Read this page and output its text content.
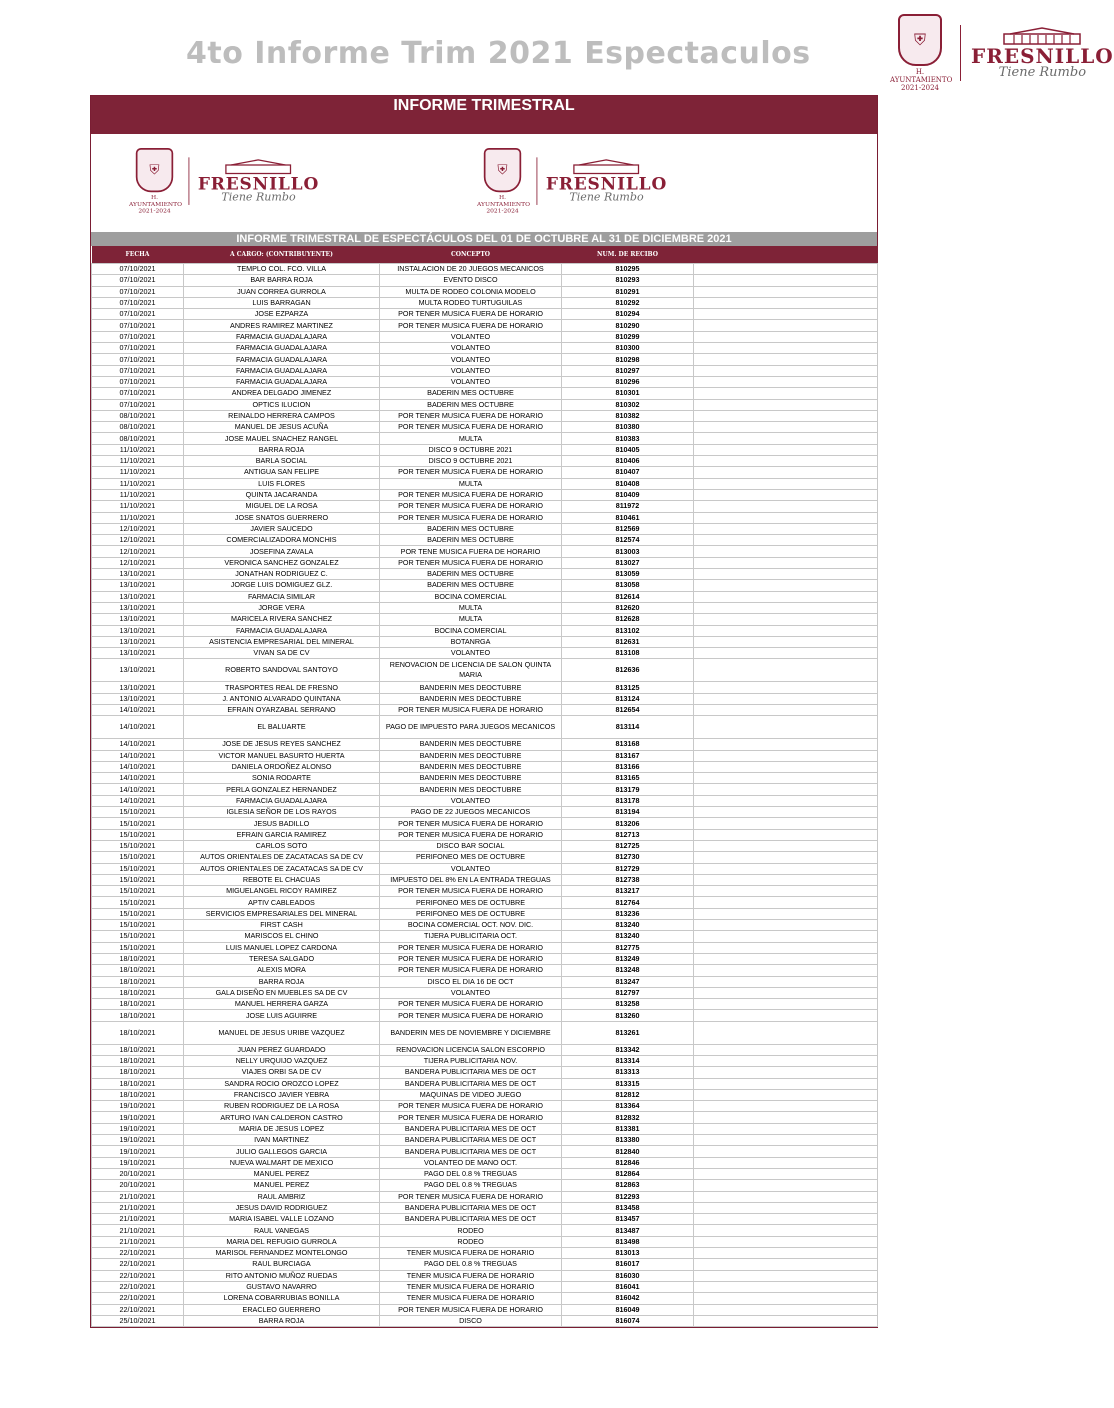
4to Informe Trim 2021 Espectaculos	⛨
H. AYUNTAMIENTO 2021-2024
FRESNILLO
Tiene Rumbo
INFORME TRIMESTRAL
⛨
H. AYUNTAMIENTO 2021-2024
FRESNILLO
Tiene Rumbo
⛨
H. AYUNTAMIENTO 2021-2024
FRESNILLO
Tiene Rumbo
INFORME TRIMESTRAL DE ESPECTÁCULOS DEL 01 DE OCTUBRE AL 31 DE DICIEMBRE 2021
FECHA	A CARGO: (CONTRIBUYENTE)	CONCEPTO	NUM. DE RECIBO	
07/10/2021	TEMPLO COL. FCO. VILLA	INSTALACION DE 20 JUEGOS MECANICOS	810295	
07/10/2021	BAR BARRA ROJA	EVENTO DISCO	810293	
07/10/2021	JUAN CORREA GURROLA	MULTA DE RODEO COLONIA MODELO	810291	
07/10/2021	LUIS BARRAGAN	MULTA RODEO TURTUGUILAS	810292	
07/10/2021	JOSE EZPARZA	POR TENER MUSICA FUERA DE HORARIO	810294	
07/10/2021	ANDRES RAMIREZ MARTINEZ	POR TENER MUSICA FUERA DE HORARIO	810290	
07/10/2021	FARMACIA GUADALAJARA	VOLANTEO	810299	
07/10/2021	FARMACIA GUADALAJARA	VOLANTEO	810300	
07/10/2021	FARMACIA GUADALAJARA	VOLANTEO	810298	
07/10/2021	FARMACIA GUADALAJARA	VOLANTEO	810297	
07/10/2021	FARMACIA GUADALAJARA	VOLANTEO	810296	
07/10/2021	ANDREA DELGADO JIMENEZ	BADERIN MES OCTUBRE	810301	
07/10/2021	OPTICS ILUCION	BADERIN MES OCTUBRE	810302	
08/10/2021	REINALDO HERRERA CAMPOS	POR TENER MUSICA FUERA DE HORARIO	810382	
08/10/2021	MANUEL DE JESUS ACUÑA	POR TENER MUSICA FUERA DE HORARIO	810380	
08/10/2021	JOSE MAUEL SNACHEZ RANGEL	MULTA	810383	
11/10/2021	BARRA ROJA	DISCO 9 OCTUBRE 2021	810405	
11/10/2021	BARLA SOCIAL	DISCO 9 OCTUBRE 2021	810406	
11/10/2021	ANTIGUA SAN FELIPE	POR TENER MUSICA FUERA DE HORARIO	810407	
11/10/2021	LUIS FLORES	MULTA	810408	
11/10/2021	QUINTA JACARANDA	POR TENER MUSICA FUERA DE HORARIO	810409	
11/10/2021	MIGUEL DE LA ROSA	POR TENER MUSICA FUERA DE HORARIO	811972	
11/10/2021	JOSE SNATOS GUERRERO	POR TENER MUSICA FUERA DE HORARIO	810461	
12/10/2021	JAVIER SAUCEDO	BADERIN MES OCTUBRE	812569	
12/10/2021	COMERCIALIZADORA MONCHIS	BADERIN MES OCTUBRE	812574	
12/10/2021	JOSEFINA ZAVALA	POR TENE MUSICA FUERA DE HORARIO	813003	
12/10/2021	VERONICA SANCHEZ GONZALEZ	POR TENER MUSICA FUERA DE HORARIO	813027	
13/10/2021	JONATHAN RODRIGUEZ C.	BADERIN MES OCTUBRE	813059	
13/10/2021	JORGE LUIS DOMIGUEZ GLZ.	BADERIN MES OCTUBRE	813058	
13/10/2021	FARMACIA SIMILAR	BOCINA COMERCIAL	812614	
13/10/2021	JORGE VERA	MULTA	812620	
13/10/2021	MARICELA RIVERA SANCHEZ	MULTA	812628	
13/10/2021	FARMACIA GUADALAJARA	BOCINA COMERCIAL	813102	
13/10/2021	ASISTENCIA EMPRESARIAL DEL MINERAL	BOTANRGA	812631	
13/10/2021	VIVAN SA DE CV	VOLANTEO	813108	
13/10/2021	ROBERTO SANDOVAL SANTOYO	RENOVACION DE LICENCIA DE SALON QUINTA MARIA	812636	
13/10/2021	TRASPORTES REAL DE FRESNO	BANDERIN MES DEOCTUBRE	813125	
13/10/2021	J. ANTONIO ALVARADO QUINTANA	BANDERIN MES DEOCTUBRE	813124	
14/10/2021	EFRAIN OYARZABAL SERRANO	POR TENER MUSICA FUERA DE HORARIO	812654	
14/10/2021	EL BALUARTE	PAGO DE IMPUESTO PARA JUEGOS MECANICOS	813114	
14/10/2021	JOSE DE JESUS REYES SANCHEZ	BANDERIN MES DEOCTUBRE	813168	
14/10/2021	VICTOR MANUEL BASURTO HUERTA	BANDERIN MES DEOCTUBRE	813167	
14/10/2021	DANIELA ORDOÑEZ ALONSO	BANDERIN MES DEOCTUBRE	813166	
14/10/2021	SONIA RODARTE	BANDERIN MES DEOCTUBRE	813165	
14/10/2021	PERLA GONZALEZ HERNANDEZ	BANDERIN MES DEOCTUBRE	813179	
14/10/2021	FARMACIA GUADALAJARA	VOLANTEO	813178	
15/10/2021	IGLESIA SEÑOR DE LOS RAYOS	PAGO DE 22 JUEGOS MECANICOS	813194	
15/10/2021	JESUS BADILLO	POR TENER MUSICA FUERA DE HORARIO	813206	
15/10/2021	EFRAIN GARCIA RAMIREZ	POR TENER MUSICA FUERA DE HORARIO	812713	
15/10/2021	CARLOS SOTO	DISCO BAR SOCIAL	812725	
15/10/2021	AUTOS ORIENTALES DE ZACATACAS SA DE CV	PERIFONEO MES DE OCTUBRE	812730	
15/10/2021	AUTOS ORIENTALES DE ZACATACAS SA DE CV	VOLANTEO	812729	
15/10/2021	REBOTE EL CHACUAS	IMPUESTO DEL 8% EN LA ENTRADA TREGUAS	812738	
15/10/2021	MIGUELANGEL RICOY RAMIREZ	POR TENER MUSICA FUERA DE HORARIO	813217	
15/10/2021	APTIV CABLEADOS	PERIFONEO MES DE OCTUBRE	812764	
15/10/2021	SERVICIOS EMPRESARIALES DEL MINERAL	PERIFONEO MES DE OCTUBRE	813236	
15/10/2021	FIRST CASH	BOCINA COMERCIAL OCT. NOV. DIC.	813240	
15/10/2021	MARISCOS EL CHINO	TIJERA PUBLICITARIA OCT.	813240	
15/10/2021	LUIS MANUEL LOPEZ CARDONA	POR TENER MUSICA FUERA DE HORARIO	812775	
18/10/2021	TERESA SALGADO	POR TENER MUSICA FUERA DE HORARIO	813249	
18/10/2021	ALEXIS MORA	POR TENER MUSICA FUERA DE HORARIO	813248	
18/10/2021	BARRA ROJA	DISCO EL DIA 16 DE OCT	813247	
18/10/2021	GALA DISEÑO EN MUEBLES SA DE CV	VOLANTEO	812797	
18/10/2021	MANUEL HERRERA GARZA	POR TENER MUSICA FUERA DE HORARIO	813258	
18/10/2021	JOSE LUIS AGUIRRE	POR TENER MUSICA FUERA DE HORARIO	813260	
18/10/2021	MANUEL DE JESUS URIBE VAZQUEZ	BANDERIN MES DE NOVIEMBRE Y DICIEMBRE	813261	
18/10/2021	JUAN PEREZ GUARDADO	RENOVACION LICENCIA SALON ESCORPIO	813342	
18/10/2021	NELLY URQUIJO VAZQUEZ	TIJERA PUBLICITARIA NOV.	813314	
18/10/2021	VIAJES ORBI SA DE CV	BANDERA PUBLICITARIA MES DE OCT	813313	
18/10/2021	SANDRA ROCIO OROZCO LOPEZ	BANDERA PUBLICITARIA MES DE OCT	813315	
18/10/2021	FRANCISCO JAVIER YEBRA	MAQUINAS DE VIDEO JUEGO	812812	
19/10/2021	RUBEN RODRIGUEZ DE LA ROSA	POR TENER MUSICA FUERA DE HORARIO	813364	
19/10/2021	ARTURO IVAN CALDERON CASTRO	POR TENER MUSICA FUERA DE HORARIO	812832	
19/10/2021	MARIA DE JESUS LOPEZ	BANDERA PUBLICITARIA MES DE OCT	813381	
19/10/2021	IVAN MARTINEZ	BANDERA PUBLICITARIA MES DE OCT	813380	
19/10/2021	JULIO GALLEGOS GARCIA	BANDERA PUBLICITARIA MES DE OCT	812840	
19/10/2021	NUEVA WALMART DE MEXICO	VOLANTEO DE MANO OCT.	812846	
20/10/2021	MANUEL PEREZ	PAGO DEL 0.8 % TREGUAS	812864	
20/10/2021	MANUEL PEREZ	PAGO DEL 0.8 % TREGUAS	812863	
21/10/2021	RAUL AMBRIZ	POR TENER MUSICA FUERA DE HORARIO	812293	
21/10/2021	JESUS DAVID RODRIGUEZ	BANDERA PUBLICITARIA MES DE OCT	813458	
21/10/2021	MARIA ISABEL VALLE LOZANO	BANDERA PUBLICITARIA MES DE OCT	813457	
21/10/2021	RAUL VANEGAS	RODEO	813487	
21/10/2021	MARIA DEL REFUGIO GURROLA	RODEO	813498	
22/10/2021	MARISOL FERNANDEZ MONTELONGO	TENER MUSICA FUERA DE HORARIO	813013	
22/10/2021	RAUL BURCIAGA	PAGO DEL 0.8 % TREGUAS	816017	
22/10/2021	RITO ANTONIO MUÑOZ RUEDAS	TENER MUSICA FUERA DE HORARIO	816030	
22/10/2021	GUSTAVO NAVARRO	TENER MUSICA FUERA DE HORARIO	816041	
22/10/2021	LORENA COBARRUBIAS BONILLA	TENER MUSICA FUERA DE HORARIO	816042	
22/10/2021	ERACLEO GUERRERO	POR TENER MUSICA FUERA DE HORARIO	816049	
25/10/2021	BARRA ROJA	DISCO	816074	
